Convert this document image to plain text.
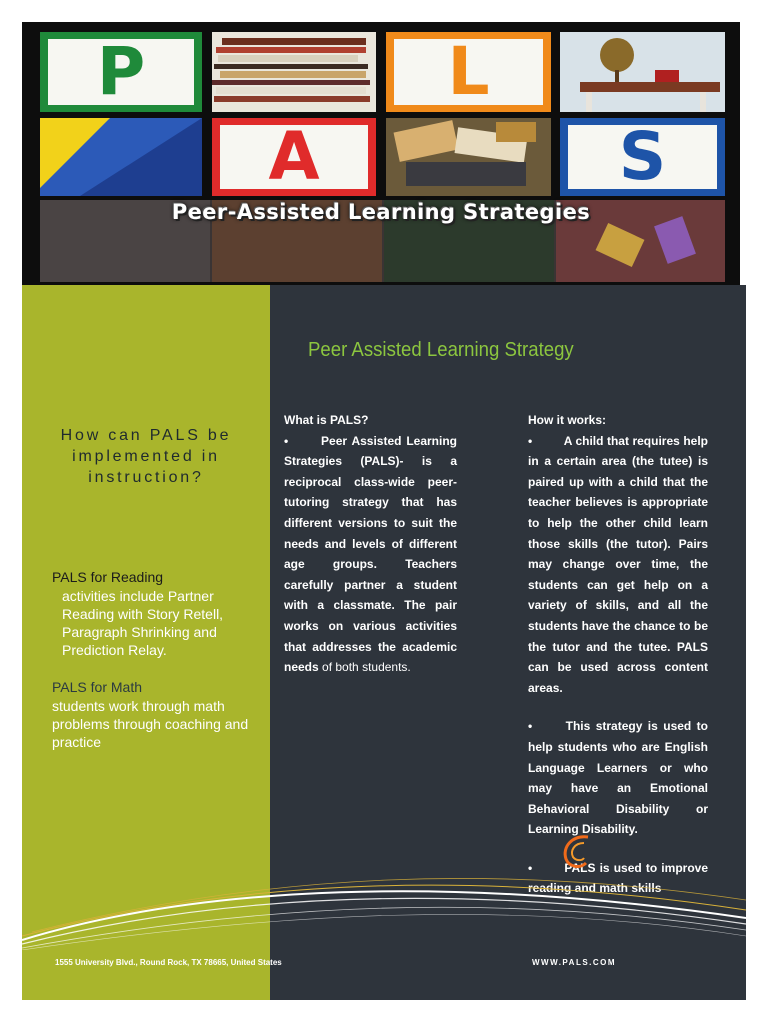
P	L
A	S
Peer-Assisted Learning Strategies
How can PALS be implemented in instruction?
PALS for Reading
activities include Partner Reading with Story Retell, Paragraph Shrinking and Prediction Relay.
PALS for Math
students work through math problems through coaching and practice
Peer Assisted Learning Strategy
What is PALS?
•	Peer Assisted Learning Strategies (PALS)- is a reciprocal class-wide peer-tutoring strategy that has different versions to suit the needs and levels of different age groups. Teachers carefully partner a student with a classmate. The pair works on various activities that addresses the academic needs of both students.
How it works:
•	A child that requires help in a certain area (the tutee) is paired up with a child that the teacher believes is appropriate to help the other child learn those skills (the tutor). Pairs may change over time, the students can get help on a variety of skills, and all the students have the chance to be the tutor and the tutee. PALS can be used across content areas.
•	This strategy is used to help students who are English Language Learners or who may have an Emotional Behavioral Disability or Learning Disability.
•	PALS is used to improve reading and math skills
1555 University Blvd., Round Rock, TX 78665, United States	WWW.PALS.COM
